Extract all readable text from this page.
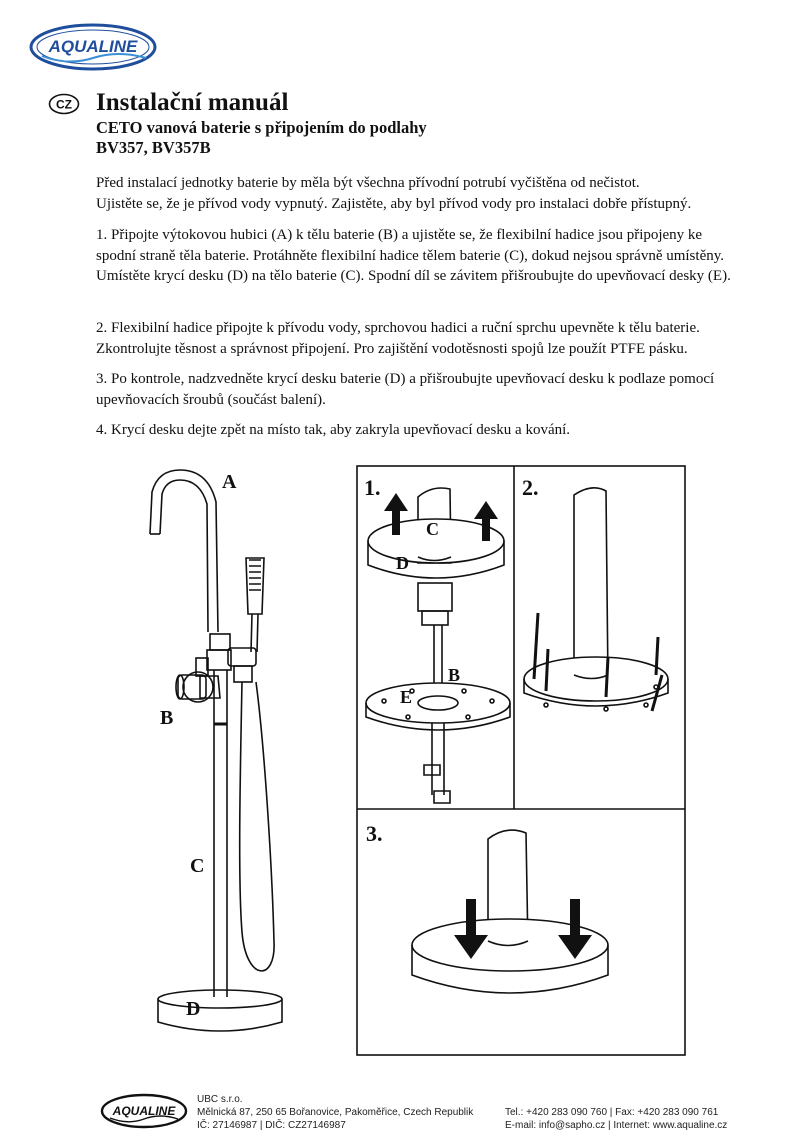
AQUALINE
CZ Instalační manuál
CETO vanová baterie s připojením do podlahy
BV357, BV357B

Před instalací jednotky baterie by měla být všechna přívodní potrubí vyčištěna od nečistot.

Ujistěte se, že je přívod vody vypnutý. Zajistěte, aby byl přívod vody pro instalaci dobře přístupný.

1. Připojte výtokovou hubici (A) k tělu baterie (B) a ujistěte se, že flexibilní hadice jsou připojeny ke spodní straně těla baterie. Protáhněte flexibilní hadice tělem baterie (C), dokud nejsou správně umístěny. Umístěte krycí desku (D) na tělo baterie (C). Spodní díl se závitem přišroubujte do upevňovací desky (E).
2. Flexibilní hadice připojte k přívodu vody, sprchovou hadici a ruční sprchu upevněte k tělu baterie. Zkontrolujte těsnost a správnost připojení. Pro zajištění vodotěsnosti spojů lze použít PTFE pásku.
3. Po kontrole, nadzvedněte krycí desku baterie (D) a přišroubujte upevňovací desku k podlaze pomocí upevňovacích šroubů (součást balení).
4. Krycí desku dejte zpět na místo tak, aby zakryla upevňovací desku a kování.
A
B
C
D
1.
C
D
B
E
2.
3.
AQUALINE
UBC s.r.o.
Mělnická 87, 250 65 Bořanovice, Pakoměřice, Czech Republik
IČ: 27146987 | DIČ: CZ27146987
Tel.: +420 283 090 760 | Fax: +420 283 090 761
E-mail: info@sapho.cz | Internet: www.aqualine.cz
